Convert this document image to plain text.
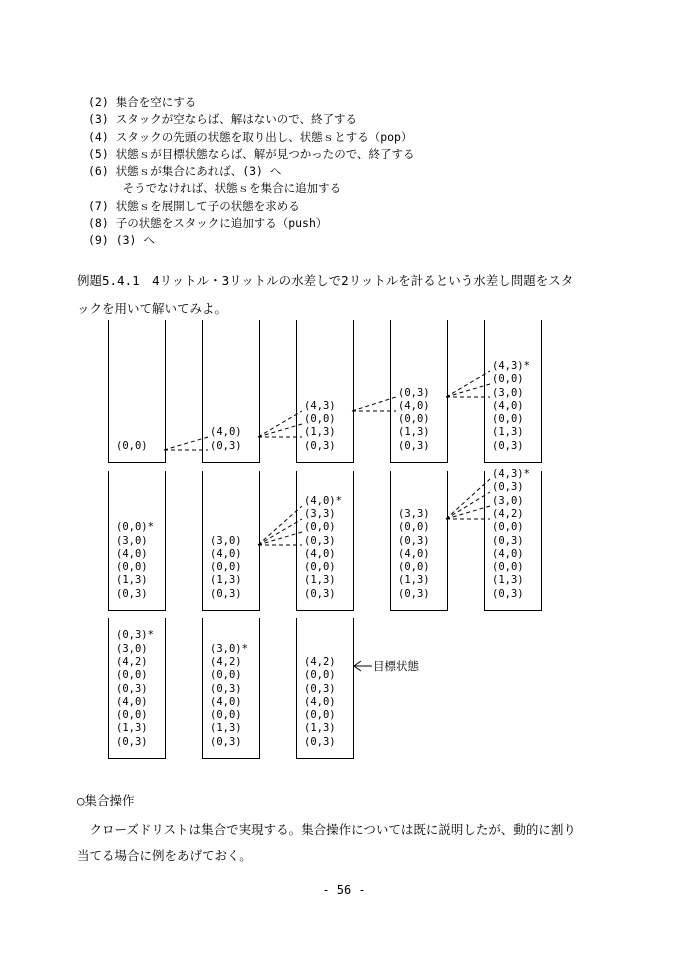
(2) 集合を空にする
(3) スタックが空ならば、解はないので、終了する
(4) スタックの先頭の状態を取り出し、状態ｓとする（pop）
(5) 状態ｓが目標状態ならば、解が見つかったので、終了する
(6) 状態ｓが集合にあれば、(3) へ
そうでなければ、状態ｓを集合に追加する
(7) 状態ｓを展開して子の状態を求める
(8) 子の状態をスタックに追加する（push）
(9) (3) へ
例題5.4.1　4リットル・3リットルの水差しで2リットルを計るという水差し問題をスタ
ックを用いて解いてみよ。
(0,0)
(4,0)
(0,3)
(4,3)
(0,0)
(1,3)
(0,3)
(0,3)
(4,0)
(0,0)
(1,3)
(0,3)
(4,3)*
(0,0)
(3,0)
(4,0)
(0,0)
(1,3)
(0,3)
(0,0)*
(3,0)
(4,0)
(0,0)
(1,3)
(0,3)
(3,0)
(4,0)
(0,0)
(1,3)
(0,3)
(4,0)*
(3,3)
(0,0)
(0,3)
(4,0)
(0,0)
(1,3)
(0,3)
(3,3)
(0,0)
(0,3)
(4,0)
(0,0)
(1,3)
(0,3)
(4,3)*
(0,3)
(3,0)
(4,2)
(0,0)
(0,3)
(4,0)
(0,0)
(1,3)
(0,3)
(0,3)*
(3,0)
(4,2)
(0,0)
(0,3)
(4,0)
(0,0)
(1,3)
(0,3)
(3,0)*
(4,2)
(0,0)
(0,3)
(4,0)
(0,0)
(1,3)
(0,3)
(4,2)
(0,0)
(0,3)
(4,0)
(0,0)
(1,3)
(0,3)
目標状態
○集合操作
　クローズドリストは集合で実現する。集合操作については既に説明したが、動的に割り
当てる場合に例をあげておく。
- 56 -
